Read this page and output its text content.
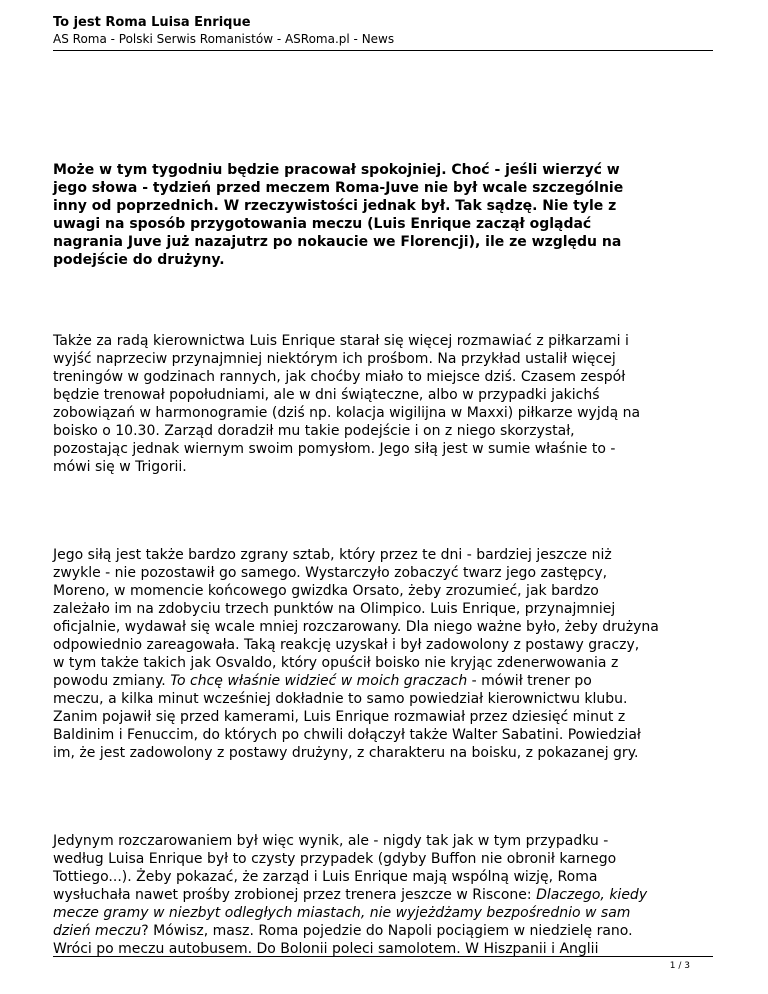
To jest Roma Luisa Enrique
AS Roma - Polski Serwis Romanistów - ASRoma.pl - News

Może w tym tygodniu będzie pracował spokojniej. Choć - jeśli wierzyć w

jego słowa - tydzień przed meczem Roma-Juve nie był wcale szczególnie

inny od poprzednich. W rzeczywistości jednak był. Tak sądzę. Nie tyle z

uwagi na sposób przygotowania meczu (Luis Enrique zaczął oglądać

nagrania Juve już nazajutrz po nokaucie we Florencji), ile ze względu na

podejście do drużyny.

Także za radą kierownictwa Luis Enrique starał się więcej rozmawiać z piłkarzami i

wyjść naprzeciw przynajmniej niektórym ich prośbom. Na przykład ustalił więcej

treningów w godzinach rannych, jak choćby miało to miejsce dziś. Czasem zespół

będzie trenował popołudniami, ale w dni świąteczne, albo w przypadki jakichś

zobowiązań w harmonogramie (dziś np. kolacja wigilijna w Maxxi) piłkarze wyjdą na

boisko o 10.30. Zarząd doradził mu takie podejście i on z niego skorzystał,

pozostając jednak wiernym swoim pomysłom. Jego siłą jest w sumie właśnie to -

mówi się w Trigorii.

Jego siłą jest także bardzo zgrany sztab, który przez te dni - bardziej jeszcze niż

zwykle - nie pozostawił go samego. Wystarczyło zobaczyć twarz jego zastępcy,

Moreno, w momencie końcowego gwizdka Orsato, żeby zrozumieć, jak bardzo

zależało im na zdobyciu trzech punktów na Olimpico. Luis Enrique, przynajmniej

oficjalnie, wydawał się wcale mniej rozczarowany. Dla niego ważne było, żeby drużyna

odpowiednio zareagowała. Taką reakcję uzyskał i był zadowolony z postawy graczy,

w tym także takich jak Osvaldo, który opuścił boisko nie kryjąc zdenerwowania z

powodu zmiany. To chcę właśnie widzieć w moich graczach - mówił trener po

meczu, a kilka minut wcześniej dokładnie to samo powiedział kierownictwu klubu.

Zanim pojawił się przed kamerami, Luis Enrique rozmawiał przez dziesięć minut z

Baldinim i Fenuccim, do których po chwili dołączył także Walter Sabatini. Powiedział

im, że jest zadowolony z postawy drużyny, z charakteru na boisku, z pokazanej gry.

Jedynym rozczarowaniem był więc wynik, ale - nigdy tak jak w tym przypadku -

według Luisa Enrique był to czysty przypadek (gdyby Buffon nie obronił karnego

Tottiego...). Żeby pokazać, że zarząd i Luis Enrique mają wspólną wizję, Roma

wysłuchała nawet prośby zrobionej przez trenera jeszcze w Riscone: Dlaczego, kiedy

mecze gramy w niezbyt odległych miastach, nie wyjeżdżamy bezpośrednio w sam

dzień meczu? Mówisz, masz. Roma pojedzie do Napoli pociągiem w niedzielę rano.

Wróci po meczu autobusem. Do Bolonii poleci samolotem. W Hiszpanii i Anglii

1 / 3
